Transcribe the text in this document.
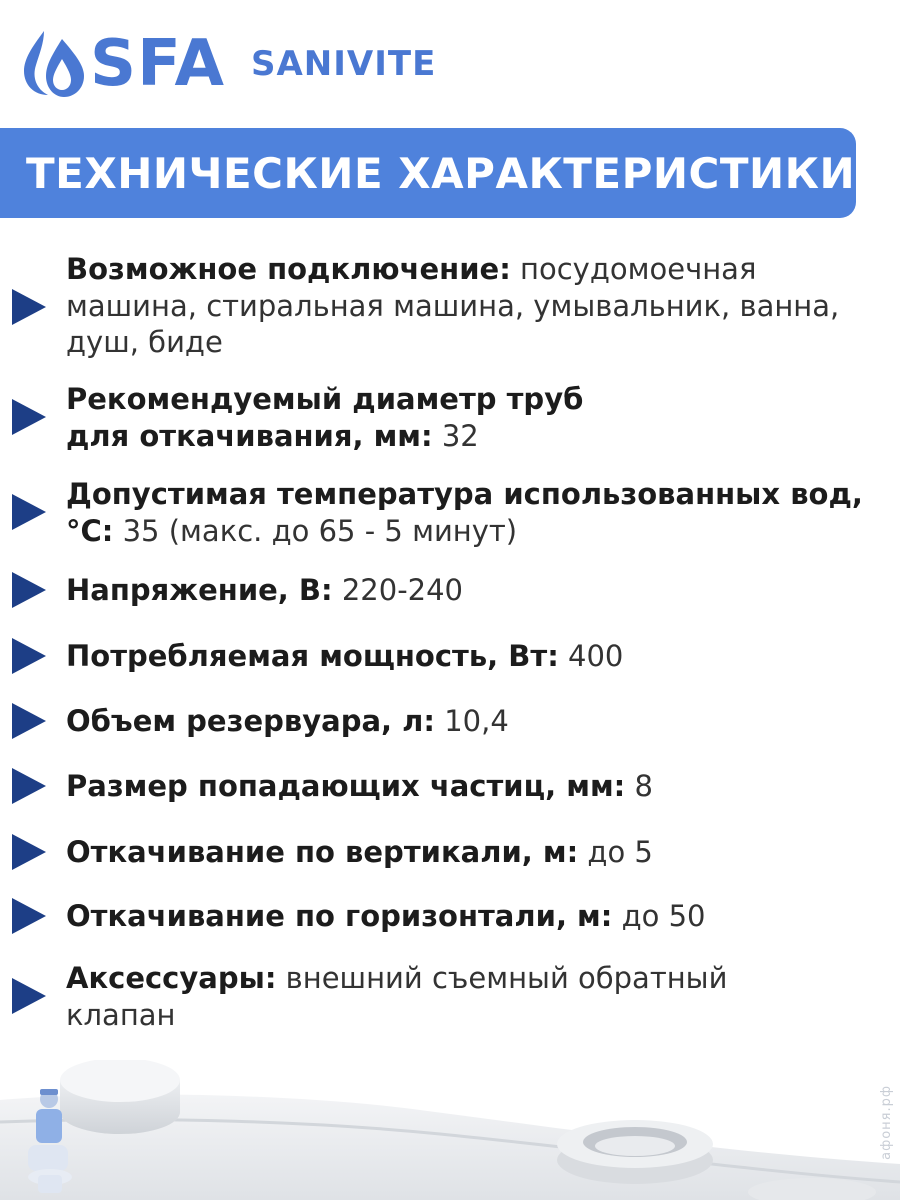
SFA SANIVITE
ТЕХНИЧЕСКИЕ ХАРАКТЕРИСТИКИ
Возможное подключение: посудомоечная машина, стиральная машина, умывальник, ванна, душ, биде
Рекомендуемый диаметр труб для откачивания, мм: 32
Допустимая температура использованных вод, °С: 35 (макс. до 65 - 5 минут)
Напряжение, В: 220-240
Потребляемая мощность, Вт: 400
Объем резервуара, л: 10,4
Размер попадающих частиц, мм: 8
Откачивание по вертикали, м: до 5
Откачивание по горизонтали, м: до 50
Аксессуары: внешний съемный обратный клапан
афоня.рф
